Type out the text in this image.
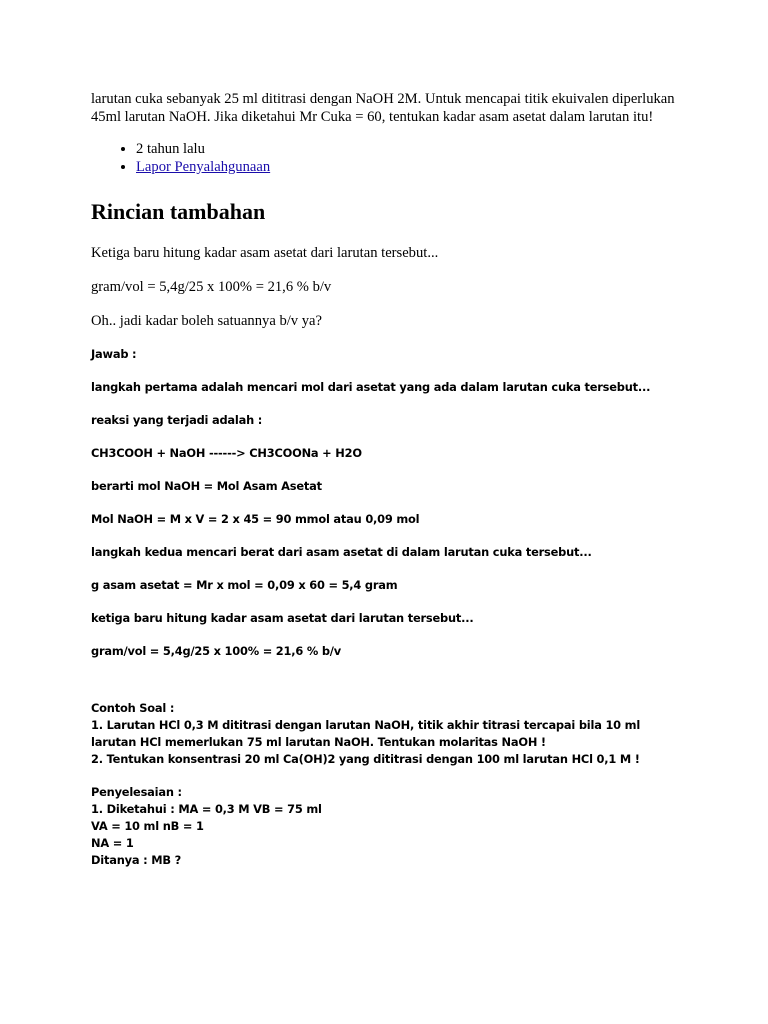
larutan cuka sebanyak 25 ml dititrasi dengan NaOH 2M. Untuk mencapai titik ekuivalen diperlukan 45ml larutan NaOH. Jika diketahui Mr Cuka = 60, tentukan kadar asam asetat dalam larutan itu!

• 2 tahun lalu
• Lapor Penyalahgunaan
Rincian tambahan

Ketiga baru hitung kadar asam asetat dari larutan tersebut...

gram/vol = 5,4g/25 x 100% = 21,6 % b/v

Oh.. jadi kadar boleh satuannya b/v ya?

Jawab :

langkah pertama adalah mencari mol dari asetat yang ada dalam larutan cuka tersebut...

reaksi yang terjadi adalah :

CH3COOH + NaOH ------> CH3COONa + H2O

berarti mol NaOH = Mol Asam Asetat

Mol NaOH = M x V = 2 x 45 = 90 mmol atau 0,09 mol

langkah kedua mencari berat dari asam asetat di dalam larutan cuka tersebut...

g asam asetat = Mr x mol = 0,09 x 60 = 5,4 gram

ketiga baru hitung kadar asam asetat dari larutan tersebut...

gram/vol = 5,4g/25 x 100% = 21,6 % b/v

Contoh Soal :

1. Larutan HCl 0,3 M dititrasi dengan larutan NaOH, titik akhir titrasi tercapai bila 10 ml larutan HCl memerlukan 75 ml larutan NaOH. Tentukan molaritas NaOH !

2. Tentukan konsentrasi 20 ml Ca(OH)2 yang dititrasi dengan 100 ml larutan HCl 0,1 M !

Penyelesaian :

1. Diketahui : MA = 0,3 M VB = 75 ml

VA = 10 ml nB = 1

NA = 1

Ditanya : MB ?
